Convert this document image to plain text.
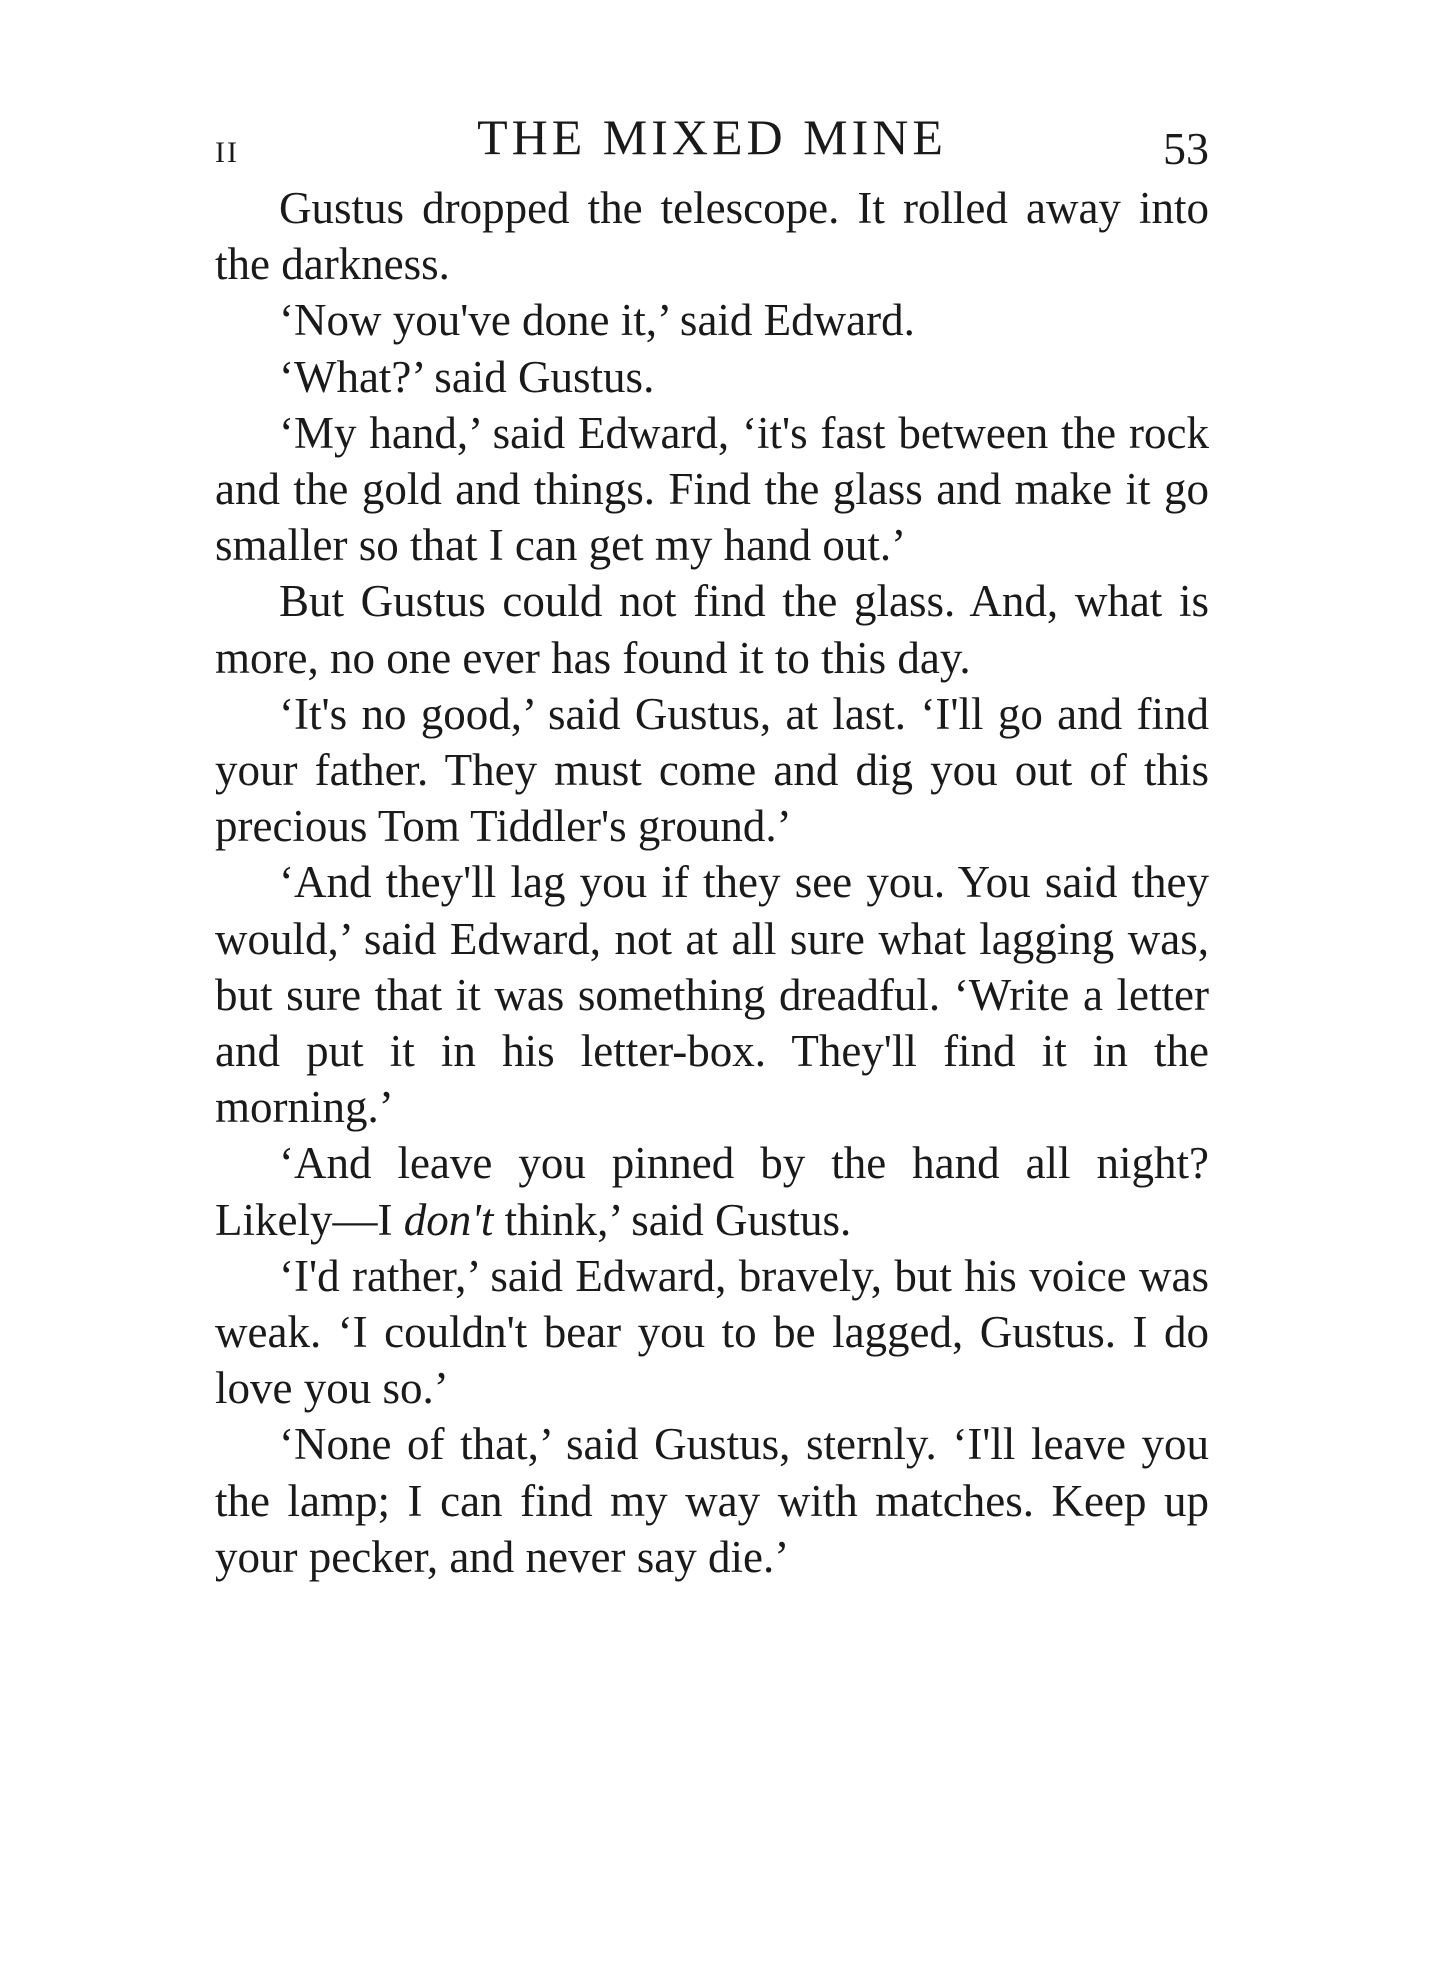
II	THE MIXED MINE	53

Gustus dropped the telescope. It rolled away into the darkness.

‘Now you've done it,’ said Edward.

‘What?’ said Gustus.

‘My hand,’ said Edward, ‘it's fast between the rock and the gold and things. Find the glass and make it go smaller so that I can get my hand out.’

But Gustus could not find the glass. And, what is more, no one ever has found it to this day.

‘It's no good,’ said Gustus, at last. ‘I'll go and find your father. They must come and dig you out of this precious Tom Tiddler's ground.’

‘And they'll lag you if they see you. You said they would,’ said Edward, not at all sure what lagging was, but sure that it was something dreadful. ‘Write a letter and put it in his letter-box. They'll find it in the morning.’

‘And leave you pinned by the hand all night? Likely—I don't think,’ said Gustus.

‘I'd rather,’ said Edward, bravely, but his voice was weak. ‘I couldn't bear you to be lagged, Gustus. I do love you so.’

‘None of that,’ said Gustus, sternly. ‘I'll leave you the lamp; I can find my way with matches. Keep up your pecker, and never say die.’
